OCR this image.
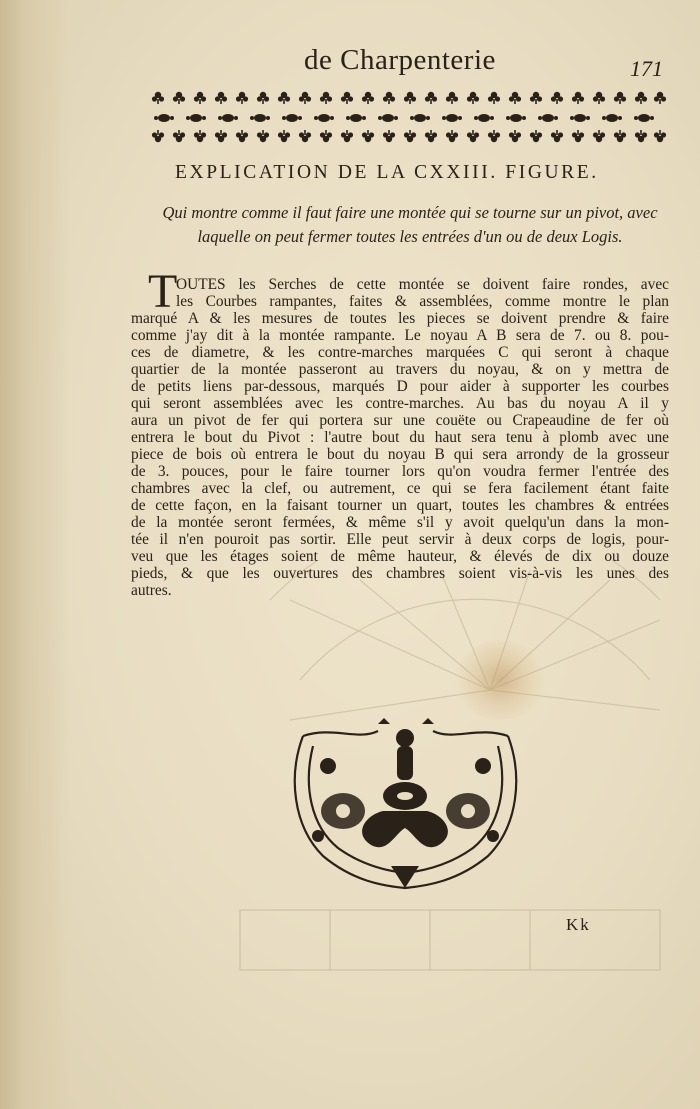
de Charpenterie	171
EXPLICATION DE LA CXXIII. FIGURE.
Qui montre comme il faut faire une montée qui se tourne sur un pivot, avec
laquelle on peut fermer toutes les entrées d'un ou de deux Logis.
T
OUTES les Serches de cette montée se doivent faire rondes, avec
les Courbes rampantes, faites & assemblées, comme montre le plan
marqué A & les mesures de toutes les pieces se doivent prendre & faire
comme j'ay dit à la montée rampante. Le noyau A B sera de 7. ou 8. pou-
ces de diametre, & les contre-marches marquées C qui seront à chaque
quartier de la montée passeront au travers du noyau, & on y mettra de
de petits liens par-dessous, marqués D pour aider à supporter les courbes
qui seront assemblées avec les contre-marches. Au bas du noyau A il y
aura un pivot de fer qui portera sur une couëte ou Crapeaudine de fer où
entrera le bout du Pivot : l'autre bout du haut sera tenu à plomb avec une
piece de bois où entrera le bout du noyau B qui sera arrondy de la grosseur
de 3. pouces, pour le faire tourner lors qu'on voudra fermer l'entrée des
chambres avec la clef, ou autrement, ce qui se fera facilement étant faite
de cette façon, en la faisant tourner un quart, toutes les chambres & entrées
de la montée seront fermées, & même s'il y avoit quelqu'un dans la mon-
tée il n'en pouroit pas sortir. Elle peut servir à deux corps de logis, pour-
veu que les étages soient de même hauteur, & élevés de dix ou douze
pieds, & que les ouvertures des chambres soient vis-à-vis les unes des
autres.
Kk
